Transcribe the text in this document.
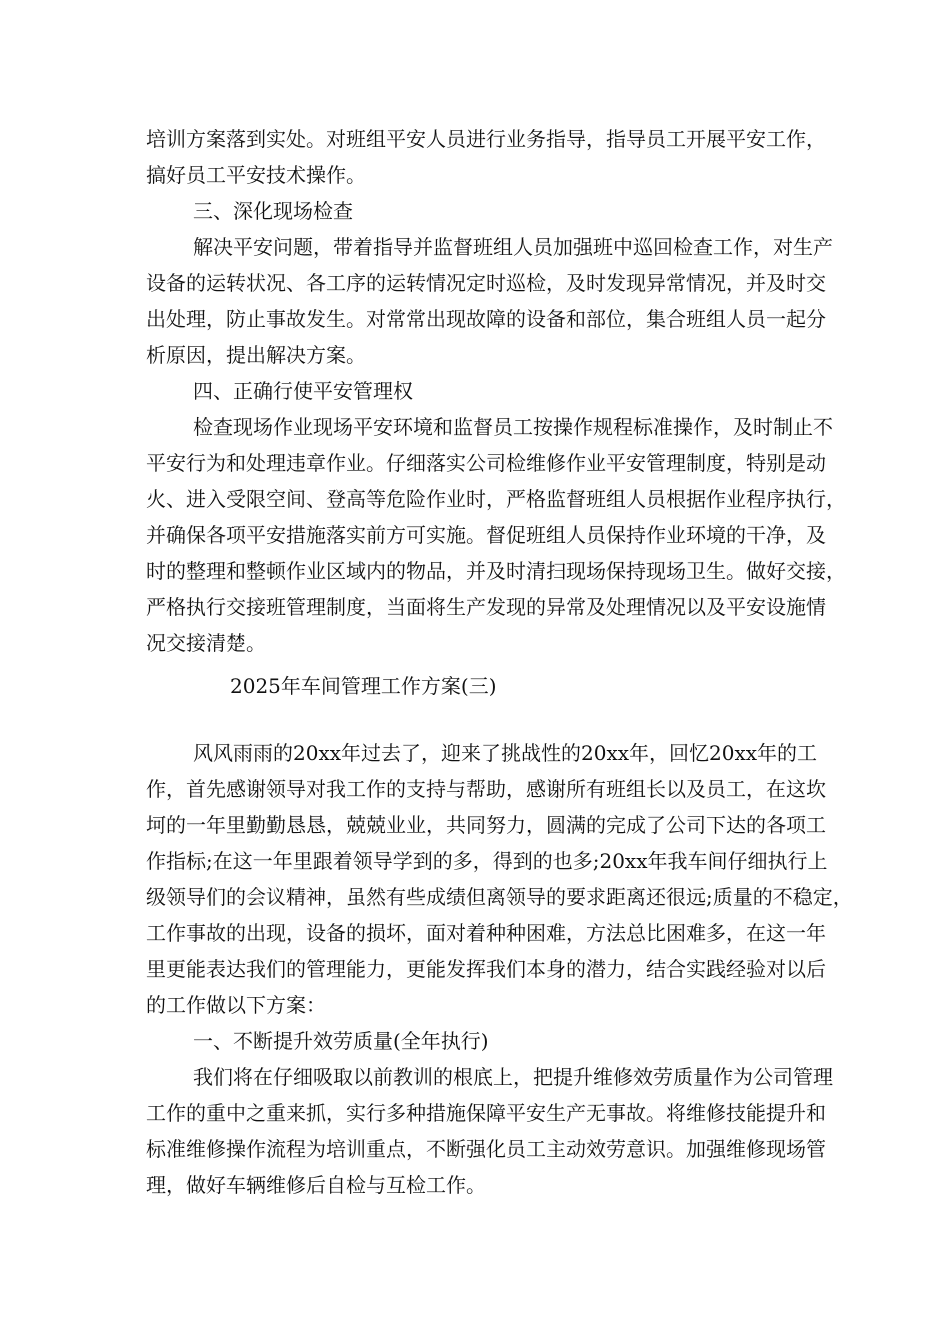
培训方案落到实处。对班组平安人员进行业务指导，指导员工开展平安工作，
搞好员工平安技术操作。
三、深化现场检查
解决平安问题，带着指导并监督班组人员加强班中巡回检查工作，对生产
设备的运转状况、各工序的运转情况定时巡检，及时发现异常情况，并及时交
出处理，防止事故发生。对常常出现故障的设备和部位，集合班组人员一起分
析原因，提出解决方案。
四、正确行使平安管理权
检查现场作业现场平安环境和监督员工按操作规程标准操作，及时制止不
平安行为和处理违章作业。仔细落实公司检维修作业平安管理制度，特别是动
火、进入受限空间、登高等危险作业时，严格监督班组人员根据作业程序执行，
并确保各项平安措施落实前方可实施。督促班组人员保持作业环境的干净，及
时的整理和整顿作业区域内的物品，并及时清扫现场保持现场卫生。做好交接，
严格执行交接班管理制度，当面将生产发现的异常及处理情况以及平安设施情
况交接清楚。
2025年车间管理工作方案(三)
风风雨雨的20xx年过去了，迎来了挑战性的20xx年，回忆20xx年的工
作，首先感谢领导对我工作的支持与帮助，感谢所有班组长以及员工，在这坎
坷的一年里勤勤恳恳，兢兢业业，共同努力，圆满的完成了公司下达的各项工
作指标;在这一年里跟着领导学到的多，得到的也多;20xx年我车间仔细执行上
级领导们的会议精神，虽然有些成绩但离领导的要求距离还很远;质量的不稳定，
工作事故的出现，设备的损坏，面对着种种困难，方法总比困难多，在这一年
里更能表达我们的管理能力，更能发挥我们本身的潜力，结合实践经验对以后
的工作做以下方案：
一、不断提升效劳质量(全年执行)
我们将在仔细吸取以前教训的根底上，把提升维修效劳质量作为公司管理
工作的重中之重来抓，实行多种措施保障平安生产无事故。将维修技能提升和
标准维修操作流程为培训重点，不断强化员工主动效劳意识。加强维修现场管
理，做好车辆维修后自检与互检工作。
